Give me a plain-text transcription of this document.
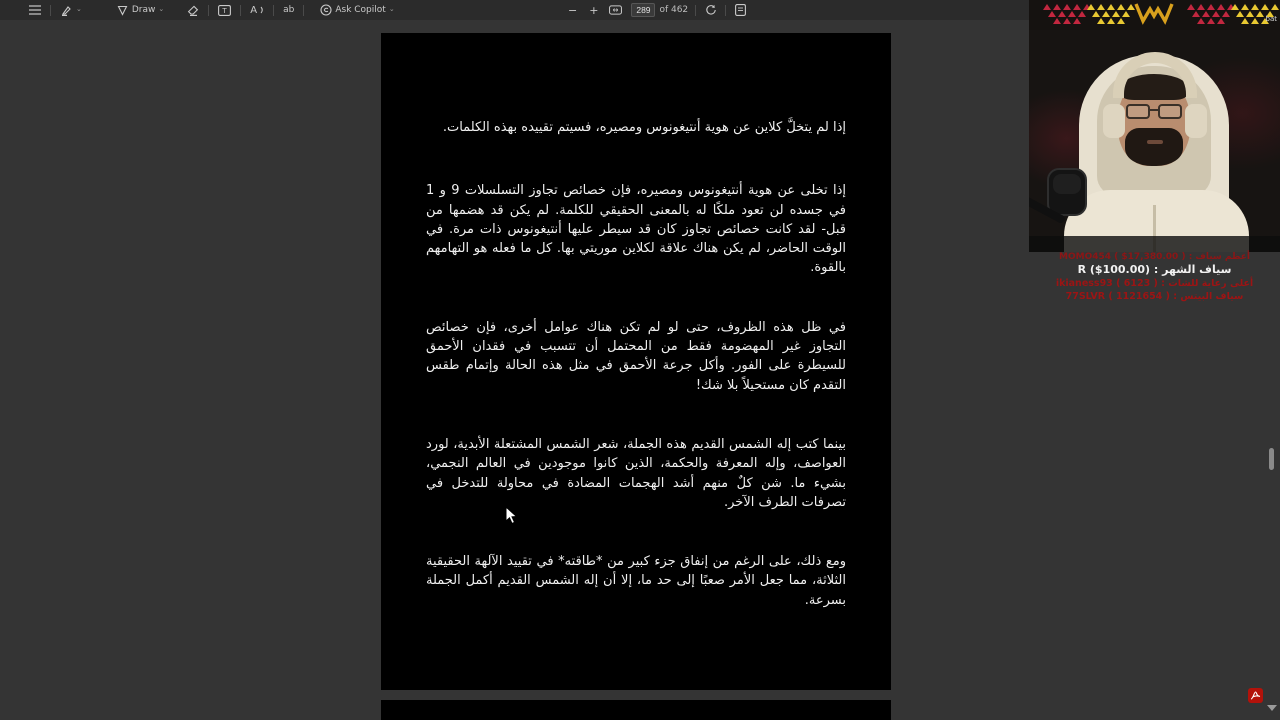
⌄	Draw ⌄	T A	ab	Ask Copilot ⌄	−	+
289	of 462

إذا لم يتخلَّ كلاين عن هوية أنتيغونوس ومصيره، فسيتم تقييده بهذه الكلمات.

إذا تخلى عن هوية أنتيغونوس ومصيره، فإن خصائص تجاوز التسلسلات 9 و 1 في جسده لن تعود ملكًا له بالمعنى الحقيقي للكلمة. لم يكن قد هضمها من قبل- لقد كانت خصائص تجاوز كان قد سيطر عليها أنتيغونوس ذات مرة. في الوقت الحاضر، لم يكن هناك علاقة لكلاين موريتي بها. كل ما فعله هو التهامهم بالقوة.

في ظل هذه الظروف، حتى لو لم تكن هناك عوامل أخرى، فإن خصائص التجاوز غير المهضومة فقط من المحتمل أن تتسبب في فقدان الأحمق للسيطرة على الفور. وأكل جرعة الأحمق في مثل هذه الحالة وإتمام طقس التقدم كان مستحيلاً بلا شك!

بينما كتب إله الشمس القديم هذه الجملة، شعر الشمس المشتعلة الأبدية، لورد العواصف، وإله المعرفة والحكمة، الذين كانوا موجودين في العالم النجمي، بشيء ما. شن كلٌ منهم أشد الهجمات المضادة في محاولة للتدخل في تصرفات الطرف الآخر.

ومع ذلك، على الرغم من إنفاق جزء كبير من *طاقته* في تقييد الآلهة الحقيقية الثلاثة، مما جعل الأمر صعبًا إلى حد ما، إلا أن إله الشمس القديم أكمل الجملة بسرعة.

bat
أعظم سياف : MOMO454 ( $17,380.00 )
سياف الشهر : R ($100.00)
أعلى رعاية للشات : ikianess93 ( 6123 )
سياف البيتس : 77SLVR ( 1121654 )
